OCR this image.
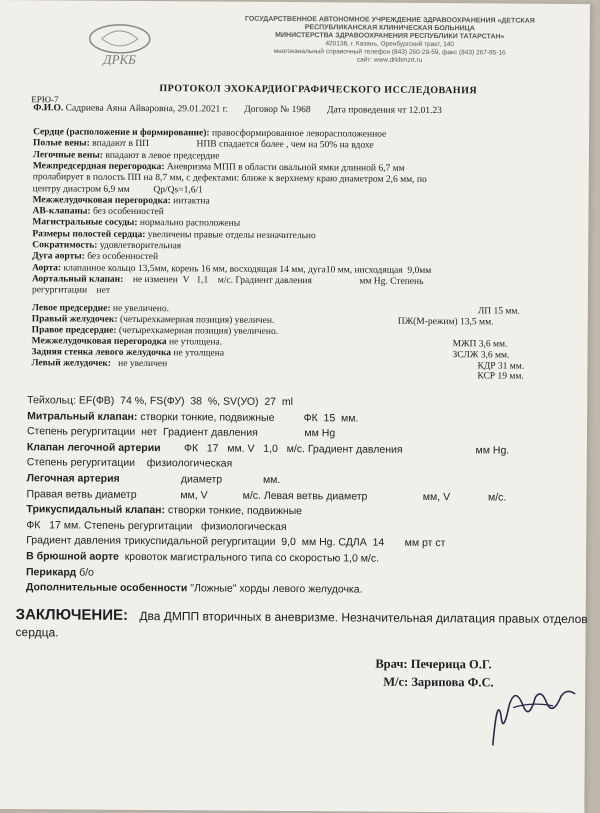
ДРКБ
ГОСУДАРСТВЕННОЕ АВТОНОМНОЕ УЧРЕЖДЕНИЕ ЗДРАВООХРАНЕНИЯ «ДЕТСКАЯ РЕСПУБЛИКАНСКАЯ КЛИНИЧЕСКАЯ БОЛЬНИЦА
МИНИСТЕРСТВА ЗДРАВООХРАНЕНИЯ РЕСПУБЛИКИ ТАТАРСТАН»
420138, г. Казань, Оренбургский тракт, 140
многоканальный справочный телефон (843) 260-29-59, факс (843) 267-85-16
сайт: www.drkbmzrt.ru
ПРОТОКОЛ ЭХОКАРДИОГРАФИЧЕСКОГО ИССЛЕДОВАНИЯ
ЕРЮ-7
Ф.И.О. Садриева Аяна Айваровна, 29.01.2021 г. Договор № 1968 Дата проведения чт 12.01.23
Сердце (расположение и формирование): правосформированное леворасположенное
Полые вены: впадают в ПП                    НПВ спадается более , чем на 50% на вдохе
Легочные вены: впадают в левое предсердие
Межпредсердная перегородка: Аневризма МПП в области овальной ямки длинной 6,7 мм
пролабирует в полость ПП на 8,7 мм, с дефектами: ближе к верхнему краю диаметром 2,6 мм, по
центру диастром 6,9 мм          Qp/Qs=1,6/1
Межжелудочковая перегородка: интактна
АВ-клапаны: без особенностей
Магистральные сосуды: нормально расположены
Размеры полостей сердца: увеличены правые отделы незначительно
Сократимость: удовлетворительная
Дуга аорты: без особенностей
Аорта: клапанное кольцо 13,5мм, корень 16 мм, восходящая 14 мм, дуга10 мм, нисходящая  9,0мм
Аортальный клапан:    не изменен  V   1,1    м/с. Градиент давления                    мм Hg. Степень
регургитации    нет
Левое предсердие: не увеличено.	ЛП 15 мм.
Правый желудочек: (четырехкамерная позиция) увеличен.	ПЖ(М-режим) 13,5 мм.
Правое предсердие: (четырехкамерная позиция) увеличено.
Межжелудочковая перегородка не утолщена.	МЖП 3,6 мм.
Задняя стенка левого желудочка не утолщена	ЗСЛЖ 3,6 мм.
Левый желудочек:   не увеличен	КДР 31 мм.
КСР 19 мм.
Тейхольц: EF(ФВ)  74 %, FS(ФУ)  38  %, SV(УО)  27  ml
Митральный клапан: створки тонкие, подвижные          ФК  15  мм.
Степень регургитации  нет  Градиент давления                мм Hg
Клапан легочной артерии        ФК   17   мм. V   1,0   м/с. Градиент давления                         мм Hg.
Степень регургитации    физиологическая
Легочная артерия                     диаметр              мм.
Правая ветвь диаметр               мм, V            м/с. Левая ветвь диаметр                   мм, V             м/с.
Трикуспидальный клапан: створки тонкие, подвижные
ФК   17 мм. Степень регургитации   физиологическая
Градиент давления трикуспидальной регургитации  9,0  мм Hg. СДЛА  14       мм рт ст
В брюшной аорте  кровоток магистрального типа со скоростью 1,0 м/с.
Перикард б/о
Дополнительные особенности "Ложные" хорды левого желудочка.
ЗАКЛЮЧЕНИЕ: Два ДМПП вторичных в аневризме. Незначительная дилатация правых отделов сердца.
Врач: Печерица О.Г.
М/с: Зарипова Ф.С.
